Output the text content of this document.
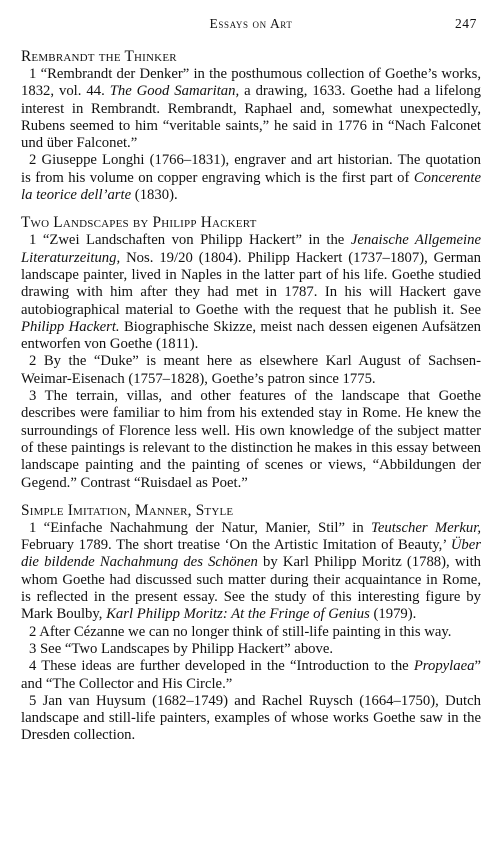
Essays on Art	247
Rembrandt the Thinker

1 “Rembrandt der Denker” in the posthumous collection of Goethe’s works, 1832, vol. 44. The Good Samaritan, a drawing, 1633. Goethe had a lifelong interest in Rembrandt. Rembrandt, Raphael and, somewhat unexpectedly, Rubens seemed to him “veritable saints,” he said in 1776 in “Nach Falconet und über Falconet.”

2 Giuseppe Longhi (1766–1831), engraver and art historian. The quotation is from his volume on copper engraving which is the first part of Concerente la teorice dell’arte (1830).

Two Landscapes by Philipp Hackert

1 “Zwei Landschaften von Philipp Hackert” in the Jenaische Allgemeine Literaturzeitung, Nos. 19/20 (1804). Philipp Hackert (1737–1807), German landscape painter, lived in Naples in the latter part of his life. Goethe studied drawing with him after they had met in 1787. In his will Hackert gave autobiographical material to Goethe with the request that he publish it. See Philipp Hackert. Biographische Skizze, meist nach dessen eigenen Aufsätzen entworfen von Goethe (1811).

2 By the “Duke” is meant here as elsewhere Karl August of Sachsen-Weimar-Eisenach (1757–1828), Goethe’s patron since 1775.

3 The terrain, villas, and other features of the landscape that Goethe describes were familiar to him from his extended stay in Rome. He knew the surroundings of Florence less well. His own knowledge of the subject matter of these paintings is relevant to the distinction he makes in this essay between landscape painting and the painting of scenes or views, “Abbildungen der Gegend.” Contrast “Ruisdael as Poet.”

Simple Imitation, Manner, Style

1 “Einfache Nachahmung der Natur, Manier, Stil” in Teutscher Merkur, February 1789. The short treatise ‘On the Artistic Imitation of Beauty,’ Über die bildende Nachahmung des Schönen by Karl Philipp Moritz (1788), with whom Goethe had discussed such matter during their acquaintance in Rome, is reflected in the present essay. See the study of this interesting figure by Mark Boulby, Karl Philipp Moritz: At the Fringe of Genius (1979).

2 After Cézanne we can no longer think of still-life painting in this way.

3 See “Two Landscapes by Philipp Hackert” above.

4 These ideas are further developed in the “Introduction to the Propylaea” and “The Collector and His Circle.”

5 Jan van Huysum (1682–1749) and Rachel Ruysch (1664–1750), Dutch landscape and still-life painters, examples of whose works Goethe saw in the Dresden collection.
